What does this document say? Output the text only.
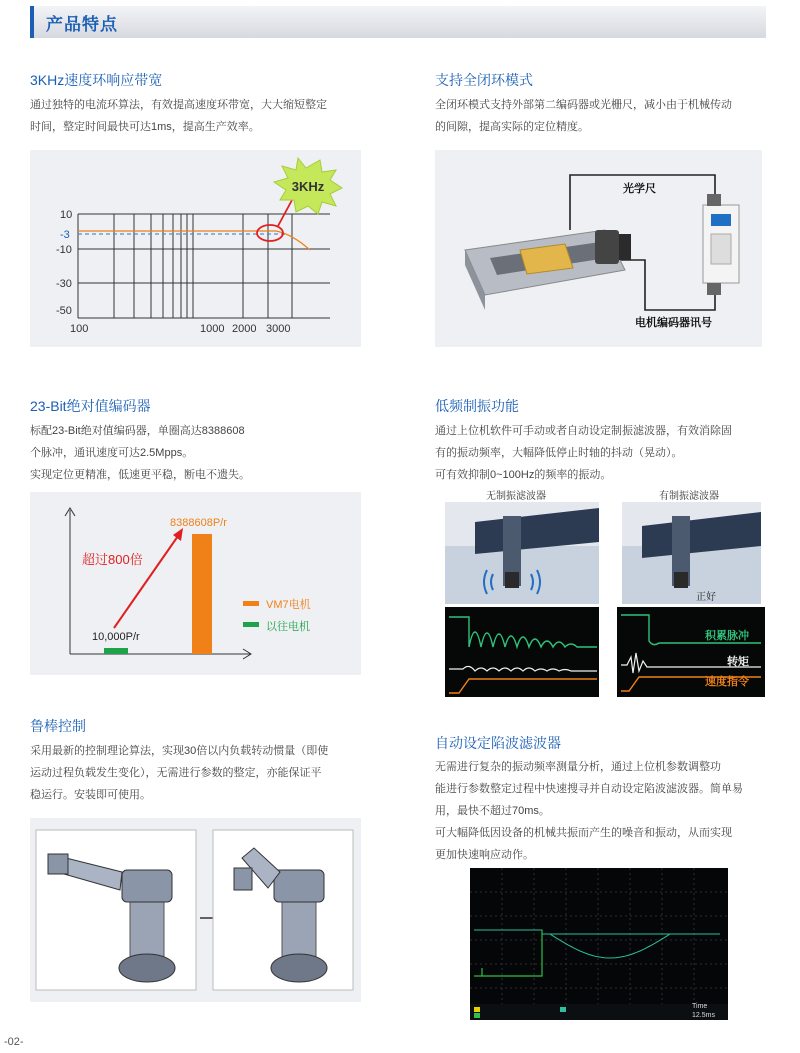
产品特点
3KHz速度环响应带宽
通过独特的电流环算法，有效提高速度环带宽，大大缩短整定
时间，整定时间最快可达1ms，提高生产效率。
3KHz
10
-3
-10
-30
-50
100	1000 2000 3000
支持全闭环模式
全闭环模式支持外部第二编码器或光栅尺，减小由于机械传动
的间隙，提高实际的定位精度。
光学尺
电机编码器讯号
23-Bit绝对值编码器
标配23-Bit绝对值编码器，单圈高达8388608
个脉冲，通讯速度可达2.5Mpps。
实现定位更精准，低速更平稳，断电不遗失。
10,000P/r
8388608P/r
超过800倍
VM7电机
以往电机
低频制振功能
通过上位机软件可手动或者自动设定制振滤波器，有效消除固
有的振动频率，大幅降低停止时轴的抖动（晃动）。
可有效抑制0~100Hz的频率的振动。
无制振滤波器	有制振滤波器
正好
积累脉冲
转矩
速度指令
鲁棒控制
采用最新的控制理论算法，实现30倍以内负载转动惯量（即使
运动过程负载发生变化），无需进行参数的整定，亦能保证平
稳运行。安装即可使用。
自动设定陷波滤波器
无需进行复杂的振动频率测量分析，通过上位机参数调整功
能进行参数整定过程中快速搜寻并自动设定陷波滤波器。简单易
用，最快不超过70ms。
可大幅降低因设备的机械共振而产生的噪音和振动，从而实现
更加快速响应动作。
Time
12.5ms
-02-
